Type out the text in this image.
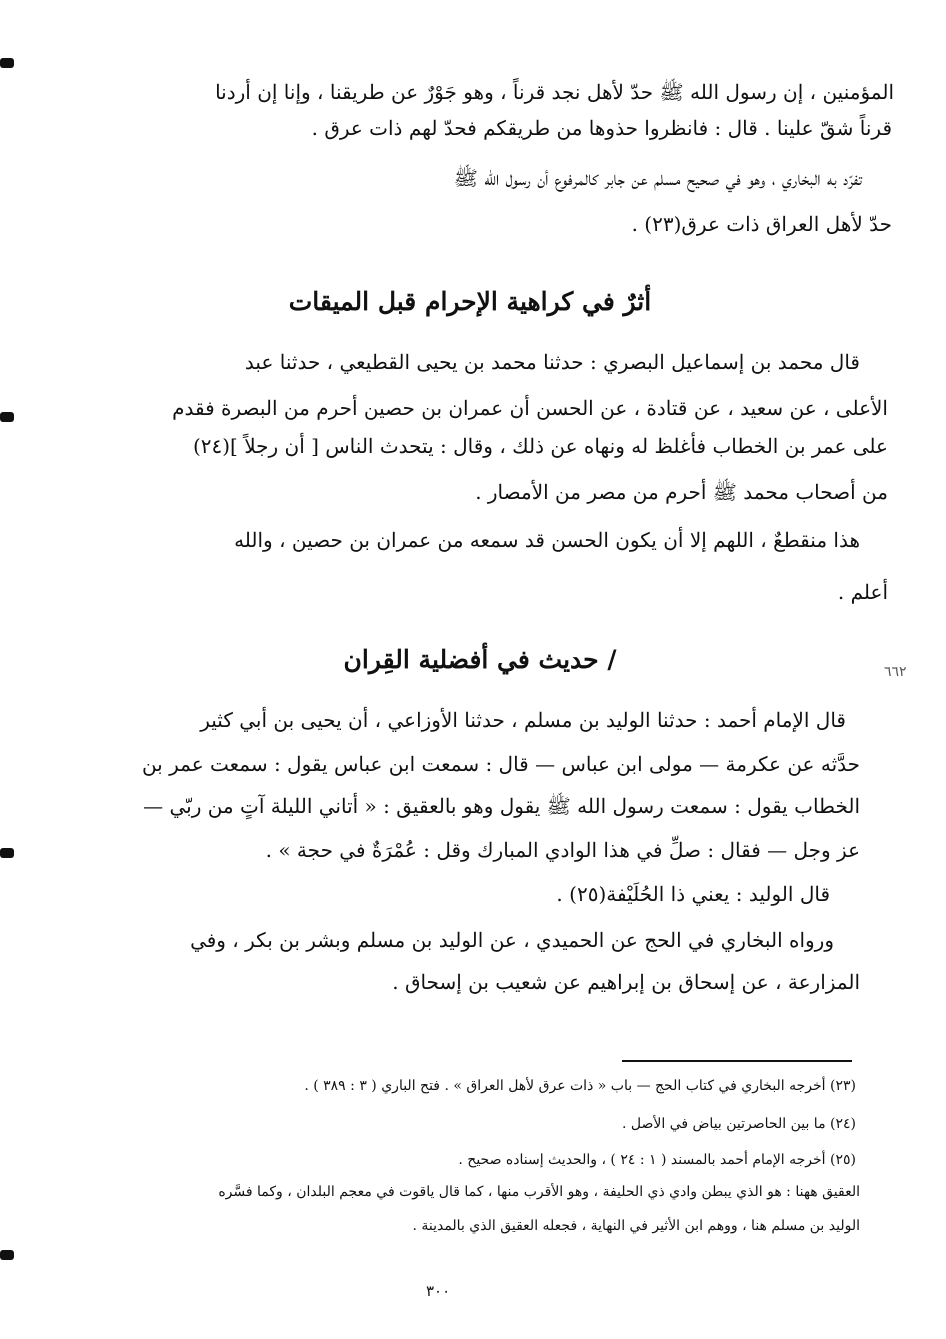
المؤمنين ، إن رسول الله ﷺ حدّ لأهل نجد قرناً ، وهو جَوْرٌ عن طريقنا ، وإنا إن أردنا
قرناً شقّ علينا . قال : فانظروا حذوها من طريقكم فحدّ لهم ذات عرق .
تفرّد به البخاري ، وهو في صحيح مسلم عن جابر كالمرفوع أن رسول الله ﷺ
حدّ لأهل العراق ذات عرق(٢٣) .
أثرٌ في كراهية الإحرام قبل الميقات
قال محمد بن إسماعيل البصري : حدثنا محمد بن يحيى القطيعي ، حدثنا عبد
الأعلى ، عن سعيد ، عن قتادة ، عن الحسن أن عمران بن حصين أحرم من البصرة فقدم
على عمر بن الخطاب فأغلظ له ونهاه عن ذلك ، وقال : يتحدث الناس [ أن رجلاً ](٢٤)
من أصحاب محمد ﷺ أحرم من مصر من الأمصار .
هذا منقطعٌ ، اللهم إلا أن يكون الحسن قد سمعه من عمران بن حصين ، والله
أعلم .
/ حديث في أفضلية القِران	٦٦٢
قال الإمام أحمد : حدثنا الوليد بن مسلم ، حدثنا الأوزاعي ، أن يحيى بن أبي كثير
حدَّثه عن عكرمة — مولى ابن عباس — قال : سمعت ابن عباس يقول : سمعت عمر بن
الخطاب يقول : سمعت رسول الله ﷺ يقول وهو بالعقيق : « أتاني الليلة آتٍ من ربّي —
عز وجل — فقال : صلِّ في هذا الوادي المبارك وقل : عُمْرَةٌ في حجة » .
قال الوليد : يعني ذا الحُلَيْفة(٢٥) .
ورواه البخاري في الحج عن الحميدي ، عن الوليد بن مسلم وبشر بن بكر ، وفي
المزارعة ، عن إسحاق بن إبراهيم عن شعيب بن إسحاق .
(٢٣) أخرجه البخاري في كتاب الحج — باب « ذات عرق لأهل العراق » . فتح الباري ( ٣ : ٣٨٩ ) .
(٢٤) ما بين الحاصرتين بياض في الأصل .
(٢٥) أخرجه الإمام أحمد بالمسند ( ١ : ٢٤ ) ، والحديث إسناده صحيح .
العقيق ههنا : هو الذي يبطن وادي ذي الحليفة ، وهو الأقرب منها ، كما قال ياقوت في معجم البلدان ، وكما فسَّره
الوليد بن مسلم هنا ، ووهم ابن الأثير في النهاية ، فجعله العقيق الذي بالمدينة .
٣٠٠
